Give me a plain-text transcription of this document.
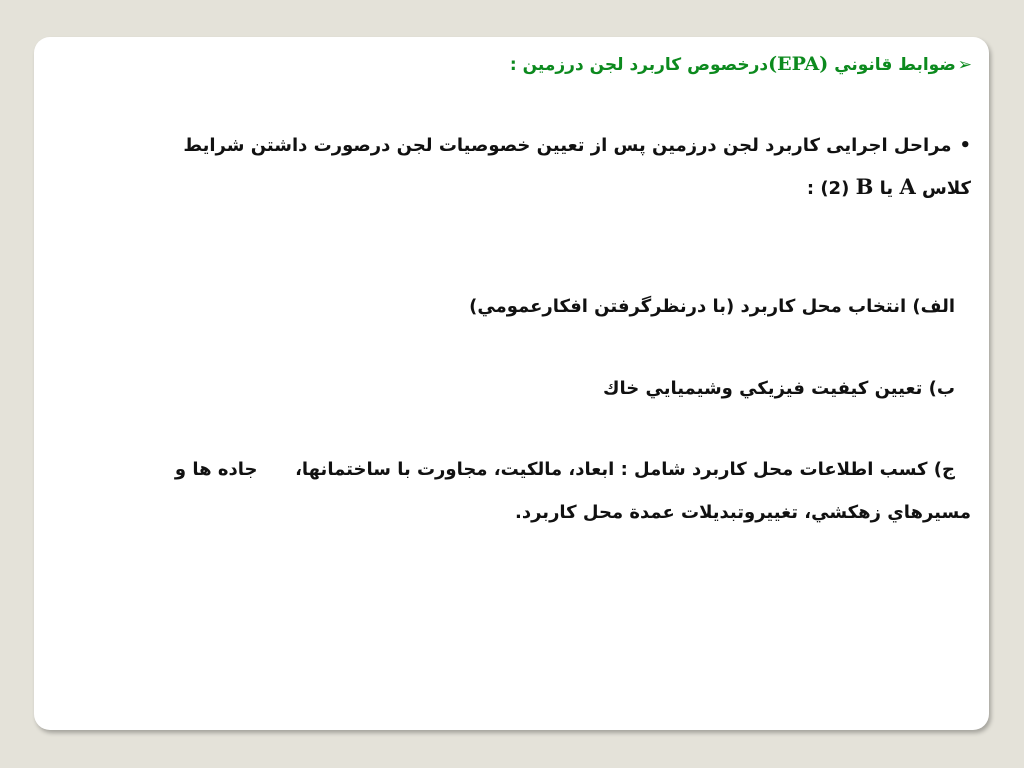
➢ضوابط قانوني (EPA)درخصوص کاربرد لجن درزمين :
•مراحل اجرايی کاربرد لجن درزمين پس از تعيين خصوصيات لجن درصورت داشتن شرايط
کلاس A يا B : (2)
الف) انتخاب محل کاربرد (با درنظرگرفتن افکارعمومي)
ب) تعيين کيفيت فيزيکي وشيميايي خاك
ج) کسب اطلاعات محل کاربرد شامل : ابعاد، مالکيت، مجاورت با ساختمانها،      جاده ها و
مسيرهاي زهکشي، تغييروتبديلات عمدة محل کاربرد.
